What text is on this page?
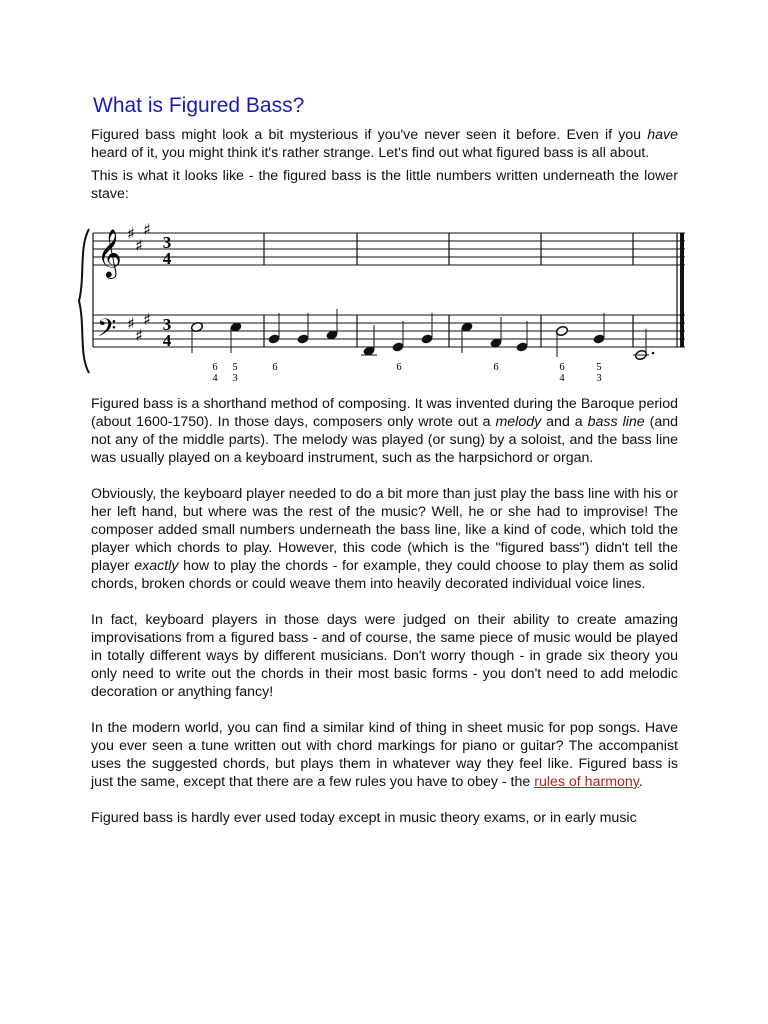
What is Figured Bass?

Figured bass might look a bit mysterious if you've never seen it before. Even if you have heard of it, you might think it's rather strange. Let's find out what figured bass is all about.

This is what it looks like - the figured bass is the little numbers written underneath the lower stave:

𝄞
𝄢
♯
♯
♯
♯
♯
♯
3
4
3
4
6
4
5
3
6	6	6	6
4
5
3

Figured bass is a shorthand method of composing. It was invented during the Baroque period (about 1600-1750). In those days, composers only wrote out a melody and a bass line (and not any of the middle parts). The melody was played (or sung) by a soloist, and the bass line was usually played on a keyboard instrument, such as the harpsichord or organ.

Obviously, the keyboard player needed to do a bit more than just play the bass line with his or her left hand, but where was the rest of the music? Well, he or she had to improvise! The composer added small numbers underneath the bass line, like a kind of code, which told the player which chords to play. However, this code (which is the "figured bass") didn't tell the player exactly how to play the chords - for example, they could choose to play them as solid chords, broken chords or could weave them into heavily decorated individual voice lines.

In fact, keyboard players in those days were judged on their ability to create amazing improvisations from a figured bass - and of course, the same piece of music would be played in totally different ways by different musicians. Don't worry though - in grade six theory you only need to write out the chords in their most basic forms - you don't need to add melodic decoration or anything fancy!

In the modern world, you can find a similar kind of thing in sheet music for pop songs. Have you ever seen a tune written out with chord markings for piano or guitar? The accompanist uses the suggested chords, but plays them in whatever way they feel like. Figured bass is just the same, except that there are a few rules you have to obey - the rules of harmony.

Figured bass is hardly ever used today except in music theory exams, or in early music
